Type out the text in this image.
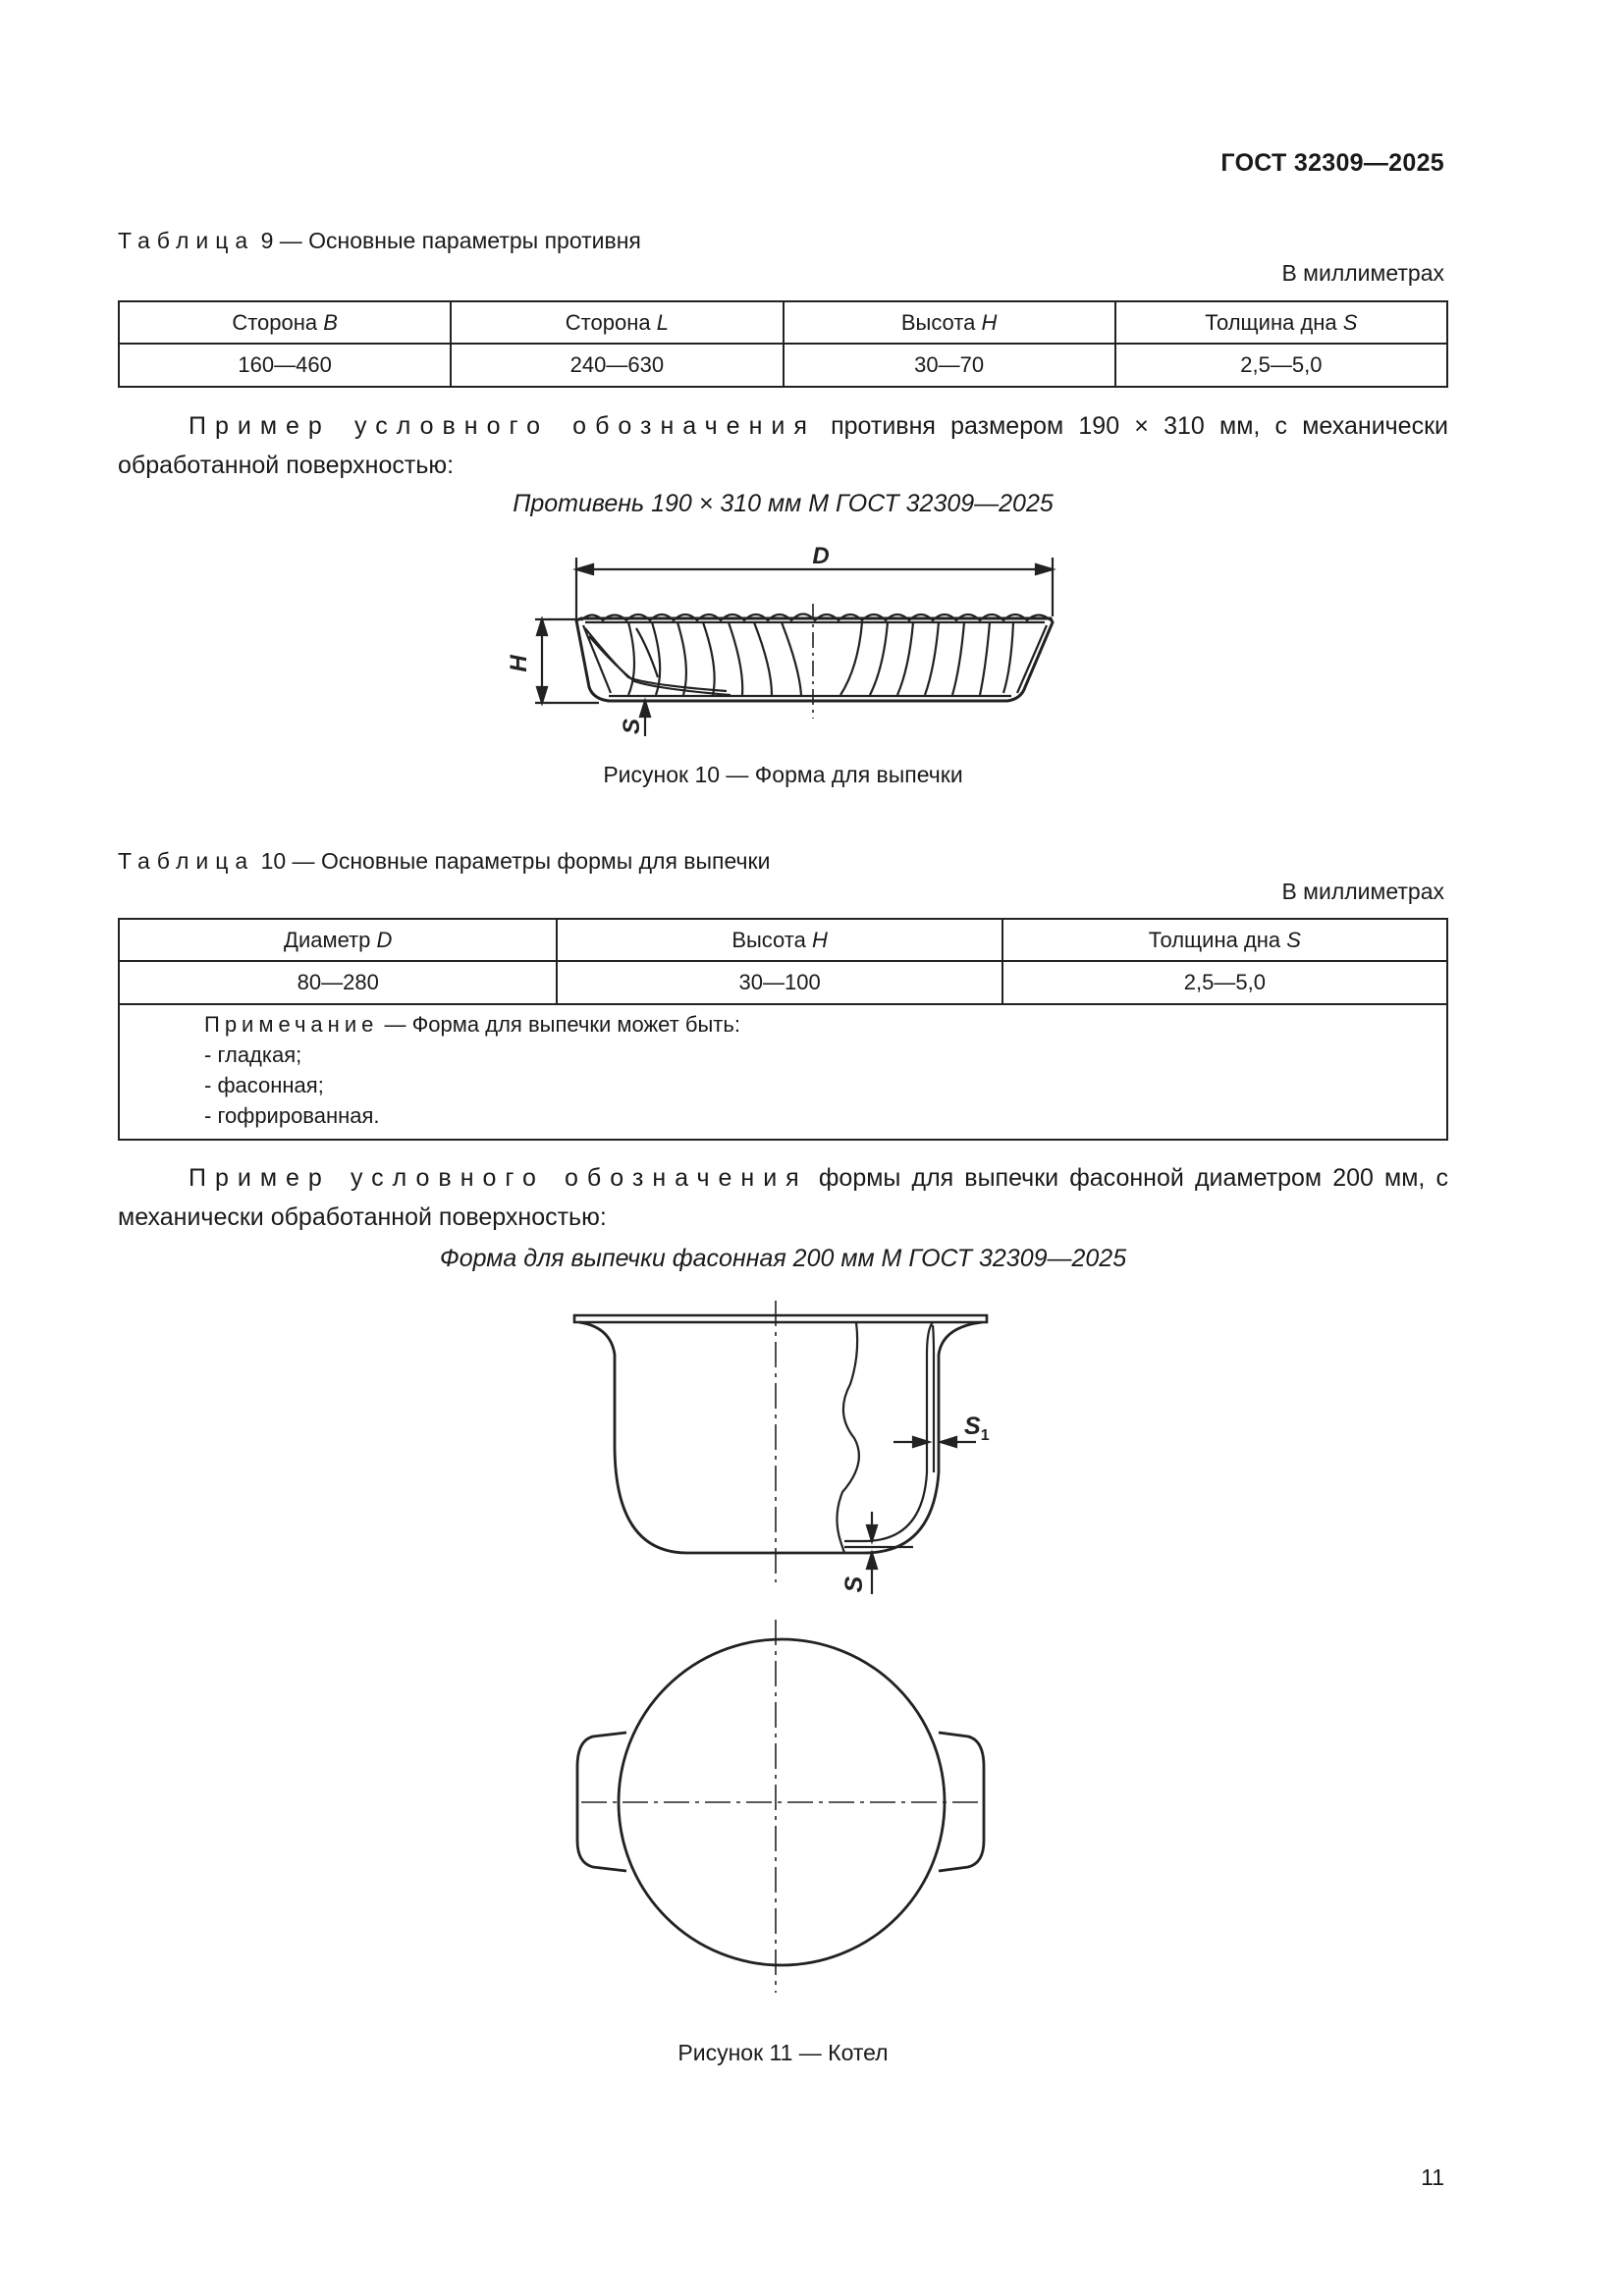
ГОСТ 32309—2025
Таблица 9 — Основные параметры противня
В миллиметрах
Сторона B	Сторона L	Высота H	Толщина дна S
160—460	240—630	30—70	2,5—5,0
Пример условного обозначения противня размером 190 × 310 мм, с механически
обработанной поверхностью:
Противень 190 × 310 мм М ГОСТ 32309—2025
D
H
S
Рисунок 10 — Форма для выпечки
Таблица 10 — Основные параметры формы для выпечки
В миллиметрах
Диаметр D	Высота H	Толщина дна S
80—280	30—100	2,5—5,0

Примечание — Форма для выпечки может быть:
- гладкая;
- фасонная;
- гофрированная.		
Пример условного обозначения формы для выпечки фасонной диаметром 200 мм, с
механически обработанной поверхностью:
Форма для выпечки фасонная 200 мм М ГОСТ 32309—2025
$S_1$
S
Рисунок 11 — Котел
11
